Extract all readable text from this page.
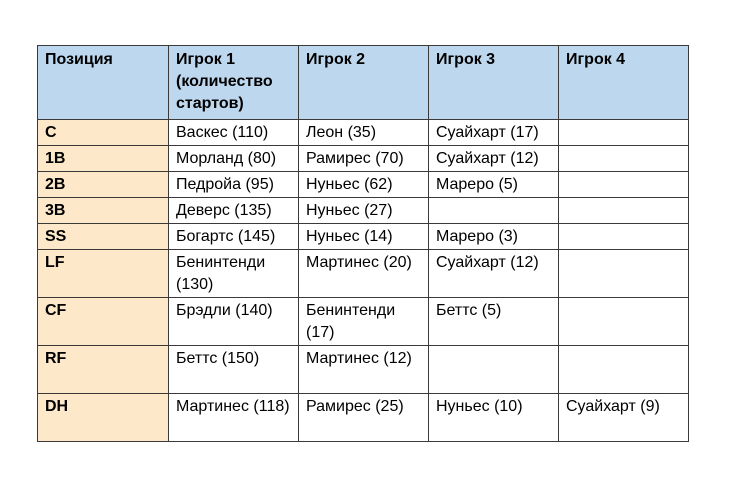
Позиция	Игрок 1 (количество стартов)	Игрок 2	Игрок 3	Игрок 4
C	Васкес (110)	Леон (35)	Суайхарт (17)	
1B	Морланд (80)	Рамирес (70)	Суайхарт (12)	
2B	Педройа (95)	Нуньес (62)	Мареро (5)	
3B	Деверс (135)	Нуньес (27)		
SS	Богартс (145)	Нуньес (14)	Мареро (3)	
LF	Бенинтенди (130)	Мартинес (20)	Суайхарт (12)	
CF	Брэдли (140)	Бенинтенди (17)	Беттс (5)	
RF	Беттс (150)	Мартинес (12)		
DH	Мартинес (118)	Рамирес (25)	Нуньес (10)	Суайхарт (9)
